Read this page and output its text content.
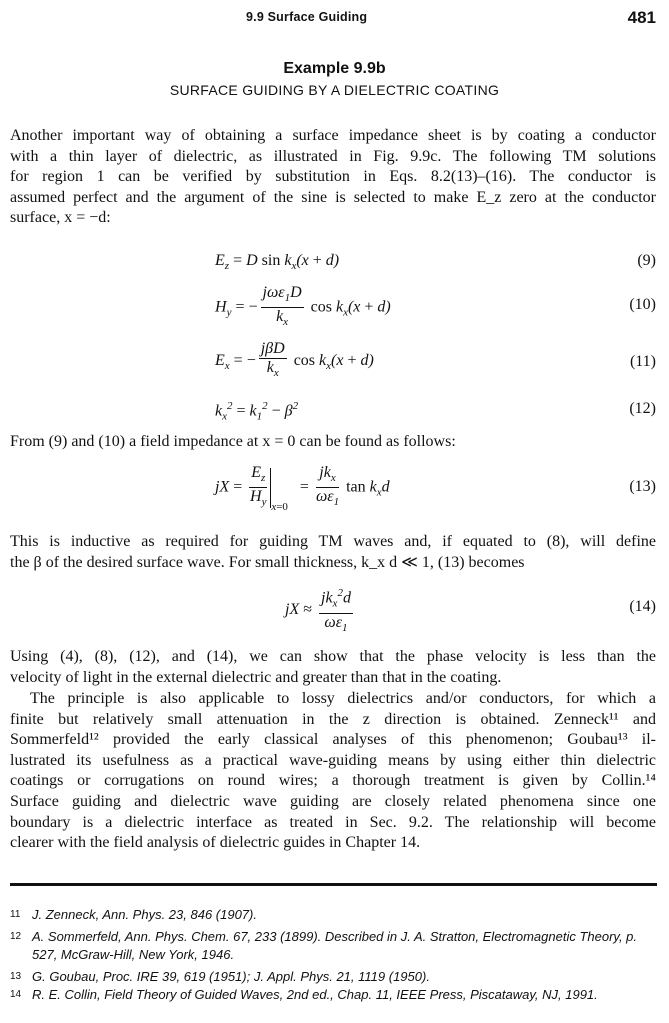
9.9 Surface Guiding	481
Example 9.9b
SURFACE GUIDING BY A DIELECTRIC COATING
Another important way of obtaining a surface impedance sheet is by coating a conductor
with a thin layer of dielectric, as illustrated in Fig. 9.9c. The following TM solutions
for region 1 can be verified by substitution in Eqs. 8.2(13)–(16). The conductor is
assumed perfect and the argument of the sine is selected to make E_z zero at the conductor
surface, x = −d:
$E_z = D$ $\sin k_x(x + d)$	(9)
$H_y$ = − $\frac{j\omega\varepsilon_1D}{k_x}$ $\cos k_x(x + d)$	(10)
$E_x$ = − $\frac{\text{jβD}}{k_x}$ $\cos k_x(x + d)$	(11)
$k_x^2 = k_1^2 - \beta^2$	(12)
From (9) and (10) a field impedance at x = 0 can be found as follows:
jX = $\frac{E_z}{H_y} _{x=0} = \frac{jk_x}{\omega\varepsilon_1}$ $\tan k_xd$	(13)
This is inductive as required for guiding TM waves and, if equated to (8), will define
the β of the desired surface wave. For small thickness, k_x d ≪ 1, (13) becomes
jX ≈ $\frac{jk_x^2d}{\omega\varepsilon_1}$	(14)
Using (4), (8), (12), and (14), we can show that the phase velocity is less than the
velocity of light in the external dielectric and greater than that in the coating.
The principle is also applicable to lossy dielectrics and/or conductors, for which a
finite but relatively small attenuation in the z direction is obtained. Zenneck¹¹ and
Sommerfeld¹² provided the early classical analyses of this phenomenon; Goubau¹³ il-
lustrated its usefulness as a practical wave-guiding means by using either thin dielectric
coatings or corrugations on round wires; a thorough treatment is given by Collin.¹⁴
Surface guiding and dielectric wave guiding are closely related phenomena since one
boundary is a dielectric interface as treated in Sec. 9.2. The relationship will become
clearer with the field analysis of dielectric guides in Chapter 14.
11 J. Zenneck, Ann. Phys. 23, 846 (1907).
12 A. Sommerfeld, Ann. Phys. Chem. 67, 233 (1899). Described in J. A. Stratton, Electromagnetic Theory, p. 527, McGraw-Hill, New York, 1946.
13 G. Goubau, Proc. IRE 39, 619 (1951); J. Appl. Phys. 21, 1119 (1950).
14 R. E. Collin, Field Theory of Guided Waves, 2nd ed., Chap. 11, IEEE Press, Piscataway, NJ, 1991.
